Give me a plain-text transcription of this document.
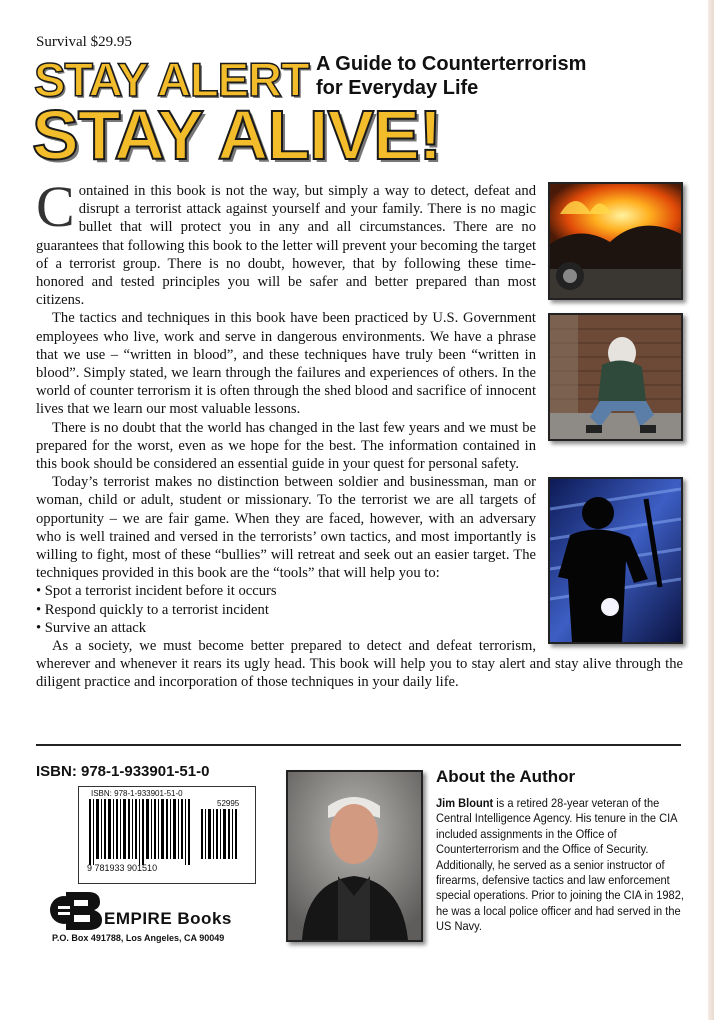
Survival $29.95
STAY ALERT
STAY ALIVE!
A Guide to Counterterrorism
for Everyday Life

Contained in this book is not the way, but simply a way to detect, defeat and disrupt a terrorist attack against yourself and your family. There is no magic bullet that will protect you in any and all circumstances. There are no guarantees that following this book to the letter will prevent your becoming the target of a terrorist group. There is no doubt, however, that by following these time-honored and tested principles you will be safer and better prepared than most citizens.

The tactics and techniques in this book have been practiced by U.S. Government employees who live, work and serve in dangerous environments. We have a phrase that we use – “written in blood”, and these techniques have truly been “written in blood”. Simply stated, we learn through the failures and experiences of others. In the world of counter terrorism it is often through the shed blood and sacrifice of innocent lives that we learn our most valuable lessons.

There is no doubt that the world has changed in the last few years and we must be prepared for the worst, even as we hope for the best. The information contained in this book should be considered an essential guide in your quest for personal safety.

Today’s terrorist makes no distinction between soldier and businessman, man or woman, child or adult, student or missionary. To the terrorist we are all targets of opportunity – we are fair game. When they are faced, however, with an adversary who is well trained and versed in the terrorists’ own tactics, and most importantly is willing to fight, most of these “bullies” will retreat and seek out an easier target. The techniques provided in this book are the “tools” that will help you to:

• Spot a terrorist incident before it occurs
• Respond quickly to a terrorist incident
• Survive an attack

As a society, we must become better prepared to detect and defeat terrorism, wherever and whenever it rears its ugly head. This book will help you to stay alert and stay alive through the diligent practice and incorporation of those techniques in your daily life.

ISBN: 978-1-933901-51-0
ISBN: 978-1-933901-51-0
52995
9 781933 901510
EMPIRE Books
P.O. Box 491788, Los Angeles, CA 90049
About the Author
Jim Blount is a retired 28-year veteran of the Central Intelligence Agency. His tenure in the CIA included assignments in the Office of Counterterrorism and the Office of Security. Additionally, he served as a senior instructor of firearms, defensive tactics and law enforcement special operations. Prior to joining the CIA in 1982, he was a local police officer and had served in the US Navy.
